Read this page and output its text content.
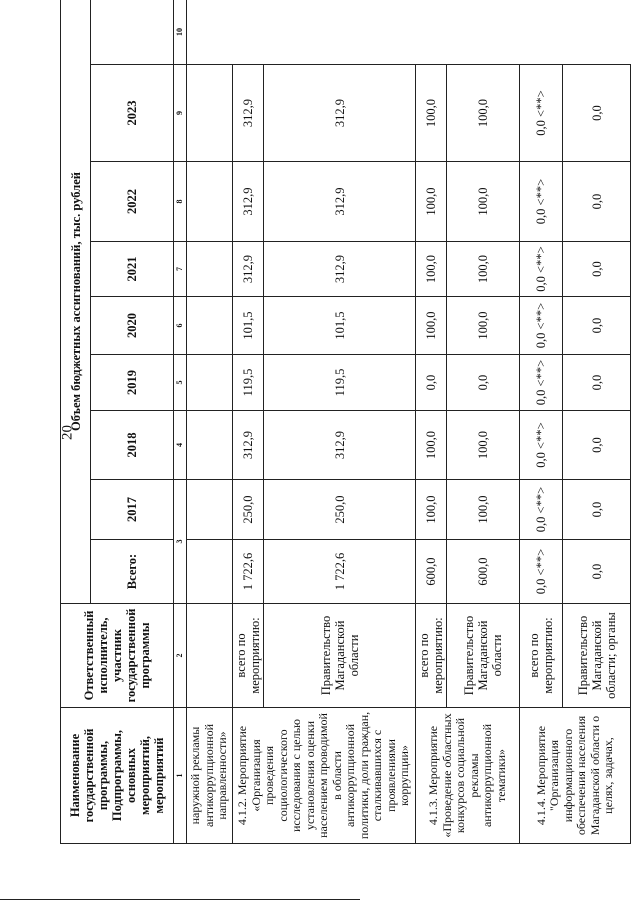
20
Наименование государственной программы, Подпрограммы, основных мероприятий, мероприятий	Ответственный исполнитель, участник государственной программы	Объем бюджетных ассигнований, тыс. рублей								
		Всего:	2017	2018	2019	2020	2021	2022	2023	
1	2	3		4	5	6	7	8	9	10
наружной рекламы антикоррупционной направленности»										
4.1.2. Мероприятие «Организация проведения социологического исследования с целью установления оценки населением проводимой в области антикоррупционной политики, доли граждан, сталкивавшихся с проявлениями коррупции»	всего по мероприятию:	1 722,6	250,0	312,9	119,5	101,5	312,9	312,9	312,9	
	Правительство Магаданской области	1 722,6	250,0	312,9	119,5	101,5	312,9	312,9	312,9	
4.1.3. Мероприятие «Проведение областных конкурсов социальной рекламы антикоррупционной тематики»	всего по мероприятию:	600,0	100,0	100,0	0,0	100,0	100,0	100,0	100,0	
	Правительство Магаданской области	600,0	100,0	100,0	0,0	100,0	100,0	100,0	100,0	
4.1.4. Мероприятие "Организация информационного обеспечения населения Магаданской области о целях, задачах,	всего по мероприятию:	0,0 <**>	0,0 <**>	0,0 <**>	0,0 <**>	0,0 <**>	0,0 <**>	0,0 <**>	0,0 <**>	
	Правительство Магаданской области; органы	0,0	0,0	0,0	0,0	0,0	0,0	0,0	0,0	
